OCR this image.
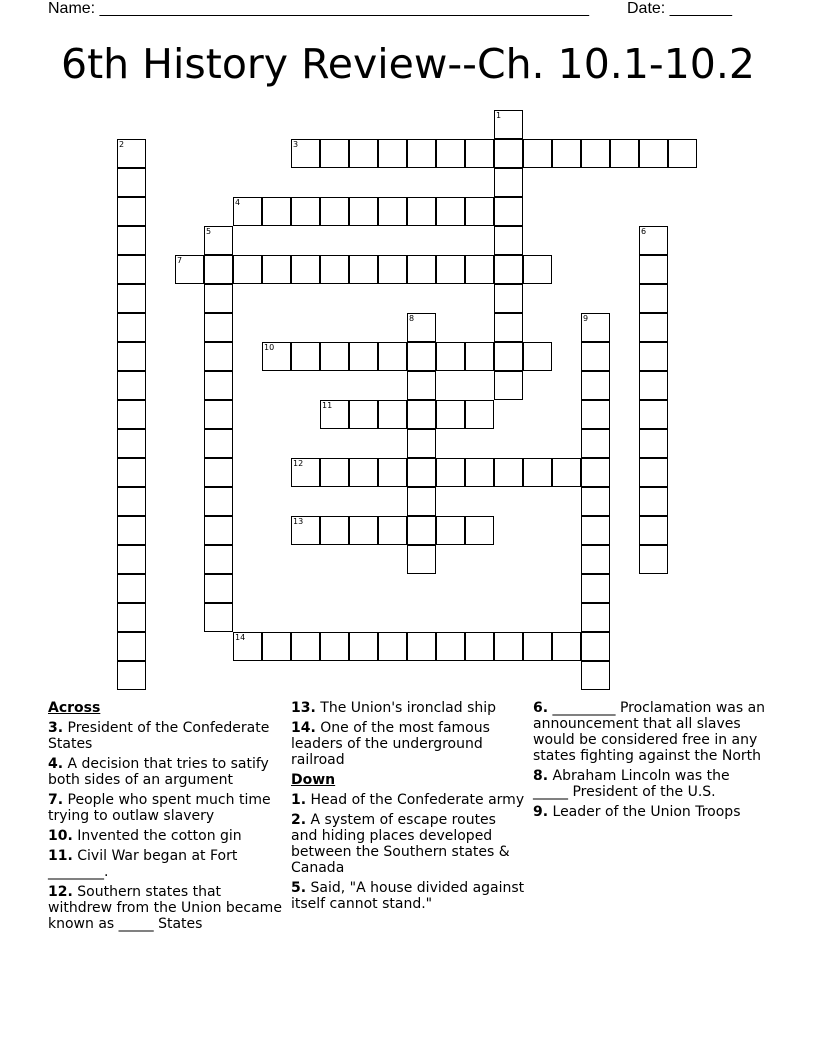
Name: _______________________________________________________ Date: _______
6th History Review--Ch. 10.1-10.2
1
2	3
4
5	6
7
8	9
10
11
12
13
14
Across
3. President of the Confederate States
4. A decision that tries to satify both sides of an argument
7. People who spent much time trying to outlaw slavery
10. Invented the cotton gin
11. Civil War began at Fort ________.
12. Southern states that withdrew from the Union became known as _____ States
13. The Union's ironclad ship
14. One of the most famous leaders of the underground railroad
Down
1. Head of the Confederate army
2. A system of escape routes and hiding places developed between the Southern states & Canada
5. Said, "A house divided against itself cannot stand."
6. _________ Proclamation was an announcement that all slaves would be considered free in any states fighting against the North
8. Abraham Lincoln was the _____ President of the U.S.
9. Leader of the Union Troops
